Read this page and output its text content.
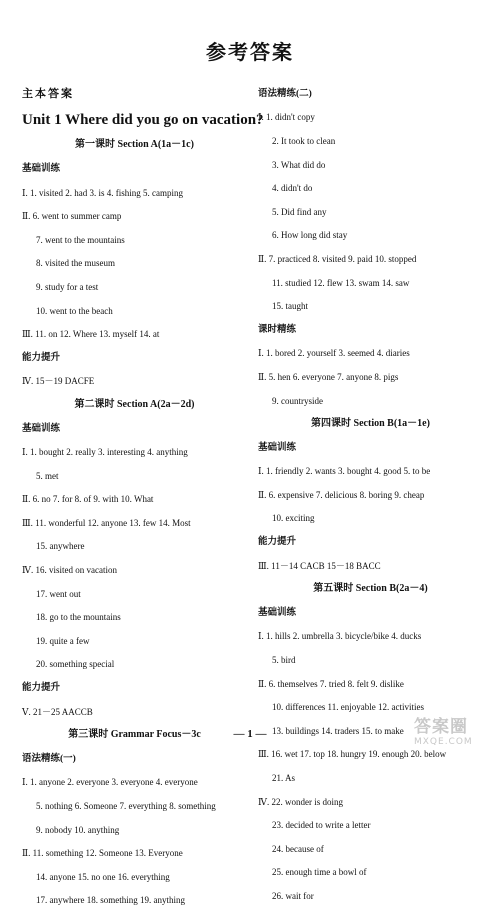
参考答案
主本答案
Unit 1 Where did you go on vacation?
第一课时 Section A(1a－1c)
基础训练
Ⅰ. 1. visited 2. had 3. is 4. fishing 5. camping
Ⅱ. 6. went to summer camp
7. went to the mountains
8. visited the museum
9. study for a test
10. went to the beach
Ⅲ. 11. on 12. Where 13. myself 14. at
能力提升
Ⅳ. 15－19 DACFE
第二课时 Section A(2a－2d)
基础训练
Ⅰ. 1. bought 2. really 3. interesting 4. anything
5. met
Ⅱ. 6. no 7. for 8. of 9. with 10. What
Ⅲ. 11. wonderful 12. anyone 13. few 14. Most
15. anywhere
Ⅳ. 16. visited on vacation
17. went out
18. go to the mountains
19. quite a few
20. something special
能力提升
Ⅴ. 21－25 AACCB
第三课时 Grammar Focus－3c
语法精练(一)
Ⅰ. 1. anyone 2. everyone 3. everyone 4. everyone
5. nothing 6. Someone 7. everything 8. something
9. nobody 10. anything
Ⅱ. 11. something 12. Someone 13. Everyone
14. anyone 15. no one 16. everything
17. anywhere 18. something 19. anything
语法精练(二)
Ⅰ. 1. didn't copy
2. It took to clean
3. What did do
4. didn't do
5. Did find any
6. How long did stay
Ⅱ. 7. practiced 8. visited 9. paid 10. stopped
11. studied 12. flew 13. swam 14. saw
15. taught
课时精练
Ⅰ. 1. bored 2. yourself 3. seemed 4. diaries
Ⅱ. 5. hen 6. everyone 7. anyone 8. pigs
9. countryside
第四课时 Section B(1a－1e)
基础训练
Ⅰ. 1. friendly 2. wants 3. bought 4. good 5. to be
Ⅱ. 6. expensive 7. delicious 8. boring 9. cheap
10. exciting
能力提升
Ⅲ. 11－14 CACB 15－18 BACC
第五课时 Section B(2a－4)
基础训练
Ⅰ. 1. hills 2. umbrella 3. bicycle/bike 4. ducks
5. bird
Ⅱ. 6. themselves 7. tried 8. felt 9. dislike
10. differences 11. enjoyable 12. activities
13. buildings 14. traders 15. to make
Ⅲ. 16. wet 17. top 18. hungry 19. enough 20. below
21. As
Ⅳ. 22. wonder is doing
23. decided to write a letter
24. because of
25. enough time a bowl of
26. wait for
— 1 —	答案圈
MXQE.COM
